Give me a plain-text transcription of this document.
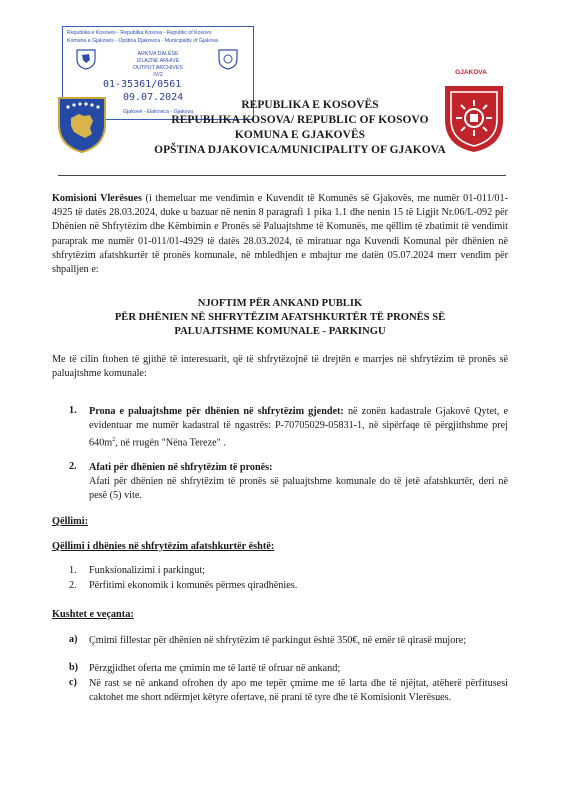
Republika e Kosovës - Republika Kosova - Republic of Kosovo
Komuna e Gjakovës - Opština Djakovica - Municipality of Gjakova
ARKIVA DALËSE
IZLAZNE ARHIVE
OUTPUT ARCHIVES
IV/2
01-35361/0561
09.07.2024
Gjakovë - Đakovica - Gjakova
GJAKOVA
REPUBLIKA E KOSOVËS
REPUBLIKA KOSOVA/ REPUBLIC OF KOSOVO
KOMUNA E GJAKOVËS
OPŠTINA DJAKOVICA/MUNICIPALITY OF GJAKOVA
Komisioni Vlerësues (i themeluar me vendimin e Kuvendit të Komunës së Gjakovës, me numër 01-011/01-4925 të datës 28.03.2024, duke u bazuar në nenin 8 paragrafi 1 pika 1.1 dhe nenin 15 të Ligjit Nr.06/L-092 për Dhënien në Shfrytëzim dhe Këmbimin e Pronës së Paluajtshme të Komunës, me qëllim të zbatimit të vendimit paraprak me numër 01-011/01-4929 të datës 28.03.2024, të miratuar nga Kuvendi Komunal për dhënien në shfrytëzim afatshkurtër të pronës komunale, në mbledhjen e mbajtur me datën 05.07.2024 merr vendim për shpalljen e:
NJOFTIM PËR ANKAND PUBLIK
PËR DHËNIEN NË SHFRYTËZIM AFATSHKURTËR TË PRONËS SË
PALUAJTSHME KOMUNALE - PARKINGU
Me të cilin ftohen të gjithë të interesuarit, që të shfrytëzojnë të drejtën e marrjes në shfrytëzim të pronës së paluajtshme komunale:
1. Prona e paluajtshme për dhënien në shfrytëzim gjendet: në zonën kadastrale Gjakovë Qytet, e evidentuar me numër kadastral të ngastrës: P-70705029-05831-1, në sipërfaqe të përgjithshme prej $640m^2$, në rrugën "Nëna Tereze" .
2. Afati për dhënien në shfrytëzim të pronës:
Afati për dhënien në shfrytëzim të pronës së paluajtshme komunale do të jetë afatshkurtër, deri në pesë (5) vite.
Qëllimi:
Qëllimi i dhënies në shfrytëzim afatshkurtër është:
1. Funksionalizimi i parkingut;
2. Përfitimi ekonomik i komunës përmes qiradhënies.
Kushtet e veçanta:
a) Çmimi fillestar për dhënien në shfrytëzim të parkingut është 350€, në emër të qirasë mujore;
b) Përzgjidhet oferta me çmimin me të lartë të ofruar në ankand;
c) Në rast se në ankand ofrohen dy apo me tepër çmime me të larta dhe të njëjtat, atëherë përfitusesi caktohet me short ndërmjet këtyre ofertave, në prani të tyre dhe të Komisionit Vlerësues.
